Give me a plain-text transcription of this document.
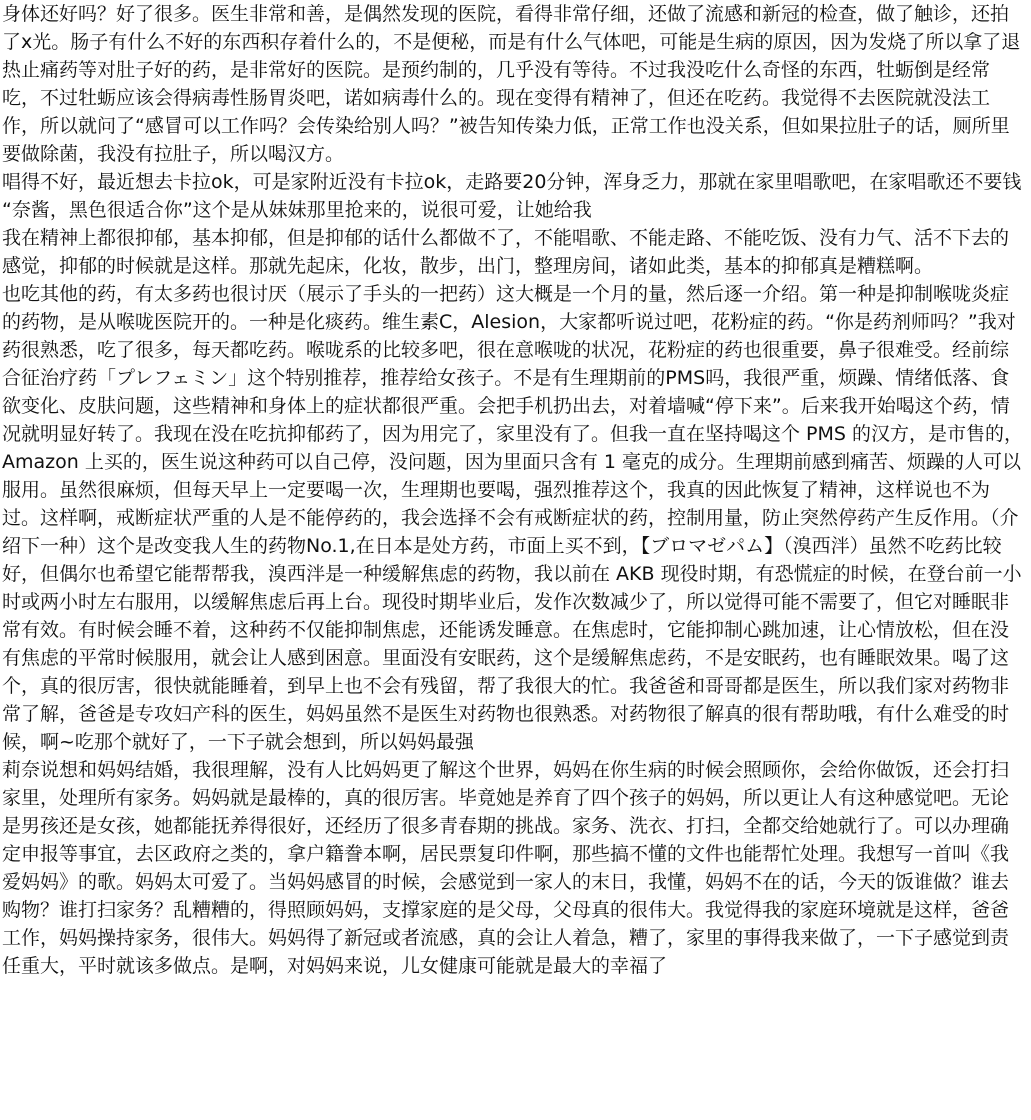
身体还好吗？好了很多。医生非常和善，是偶然发现的医院，看得非常仔细，还做了流感和新冠的检查，做了触诊，还拍了x光。肠子有什么不好的东西积存着什么的，不是便秘，而是有什么气体吧，可能是生病的原因，因为发烧了所以拿了退热止痛药等对肚子好的药，是非常好的医院。是预约制的，几乎没有等待。不过我没吃什么奇怪的东西，牡蛎倒是经常吃，不过牡蛎应该会得病毒性肠胃炎吧，诺如病毒什么的。现在变得有精神了，但还在吃药。我觉得不去医院就没法工作，所以就问了“感冒可以工作吗？会传染给别人吗？”被告知传染力低，正常工作也没关系，但如果拉肚子的话，厕所里要做除菌，我没有拉肚子，所以喝汉方。

唱得不好，最近想去卡拉ok，可是家附近没有卡拉ok，走路要20分钟，浑身乏力，那就在家里唱歌吧，在家唱歌还不要钱

“奈酱，黑色很适合你”这个是从妹妹那里抢来的，说很可爱，让她给我

我在精神上都很抑郁，基本抑郁，但是抑郁的话什么都做不了，不能唱歌、不能走路、不能吃饭、没有力气、活不下去的感觉，抑郁的时候就是这样。那就先起床，化妆，散步，出门，整理房间，诸如此类，基本的抑郁真是糟糕啊。

也吃其他的药，有太多药也很讨厌（展示了手头的一把药）这大概是一个月的量，然后逐一介绍。第一种是抑制喉咙炎症的药物，是从喉咙医院开的。一种是化痰药。维生素C，Alesion，大家都听说过吧，花粉症的药。“你是药剂师吗？”我对药很熟悉，吃了很多，每天都吃药。喉咙系的比较多吧，很在意喉咙的状况，花粉症的药也很重要，鼻子很难受。经前综合征治疗药「プレフェミン」这个特别推荐，推荐给女孩子。不是有生理期前的PMS吗，我很严重，烦躁、情绪低落、食欲变化、皮肤问题，这些精神和身体上的症状都很严重。会把手机扔出去，对着墙喊“停下来”。后来我开始喝这个药，情况就明显好转了。我现在没在吃抗抑郁药了，因为用完了，家里没有了。但我一直在坚持喝这个 PMS 的汉方，是市售的，Amazon 上买的，医生说这种药可以自己停，没问题，因为里面只含有 1 毫克的成分。生理期前感到痛苦、烦躁的人可以服用。虽然很麻烦，但每天早上一定要喝一次，生理期也要喝，强烈推荐这个，我真的因此恢复了精神，这样说也不为过。这样啊，戒断症状严重的人是不能停药的，我会选择不会有戒断症状的药，控制用量，防止突然停药产生反作用。（介绍下一种）这个是改变我人生的药物No.1,在日本是处方药，市面上买不到，【ブロマゼパム】（溴西泮）虽然不吃药比较好，但偶尔也希望它能帮帮我，溴西泮是一种缓解焦虑的药物，我以前在 AKB 现役时期，有恐慌症的时候，在登台前一小时或两小时左右服用，以缓解焦虑后再上台。现役时期毕业后，发作次数减少了，所以觉得可能不需要了，但它对睡眠非常有效。有时候会睡不着，这种药不仅能抑制焦虑，还能诱发睡意。在焦虑时，它能抑制心跳加速，让心情放松，但在没有焦虑的平常时候服用，就会让人感到困意。里面没有安眠药，这个是缓解焦虑药，不是安眠药，也有睡眠效果。喝了这个，真的很厉害，很快就能睡着，到早上也不会有残留，帮了我很大的忙。我爸爸和哥哥都是医生，所以我们家对药物非常了解，爸爸是专攻妇产科的医生，妈妈虽然不是医生对药物也很熟悉。对药物很了解真的很有帮助哦，有什么难受的时候，啊~吃那个就好了，一下子就会想到，所以妈妈最强

莉奈说想和妈妈结婚，我很理解，没有人比妈妈更了解这个世界，妈妈在你生病的时候会照顾你，会给你做饭，还会打扫家里，处理所有家务。妈妈就是最棒的，真的很厉害。毕竟她是养育了四个孩子的妈妈，所以更让人有这种感觉吧。无论是男孩还是女孩，她都能抚养得很好，还经历了很多青春期的挑战。家务、洗衣、打扫，全都交给她就行了。可以办理确定申报等事宜，去区政府之类的，拿户籍誊本啊，居民票复印件啊，那些搞不懂的文件也能帮忙处理。我想写一首叫《我爱妈妈》的歌。妈妈太可爱了。当妈妈感冒的时候，会感觉到一家人的末日，我懂，妈妈不在的话，今天的饭谁做？谁去购物？谁打扫家务？乱糟糟的，得照顾妈妈，支撑家庭的是父母，父母真的很伟大。我觉得我的家庭环境就是这样，爸爸工作，妈妈操持家务，很伟大。妈妈得了新冠或者流感，真的会让人着急，糟了，家里的事得我来做了，一下子感觉到责任重大，平时就该多做点。是啊，对妈妈来说，儿女健康可能就是最大的幸福了
